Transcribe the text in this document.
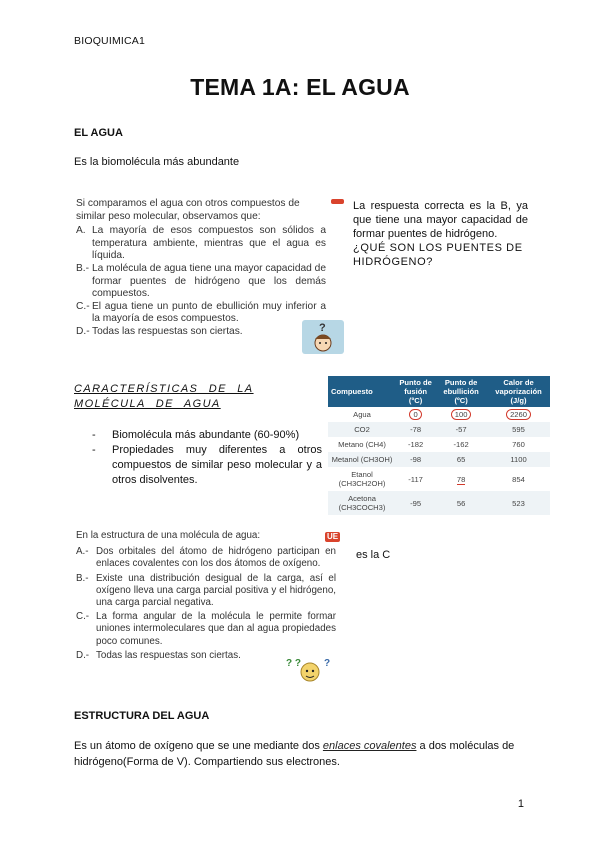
BIOQUIMICA1
TEMA 1A: EL AGUA
EL AGUA
Es la biomolécula más abundante
Si comparamos el agua con otros compuestos de similar peso molecular, observamos que:
A. La mayoría de esos compuestos son sólidos a temperatura ambiente, mientras que el agua es líquida.
B.- La molécula de agua tiene una mayor capacidad de formar puentes de hidrógeno que los demás compuestos.
C.- El agua tiene un punto de ebullición muy inferior a la mayoría de esos compuestos.
D.- Todas las respuestas son ciertas.	?
La respuesta correcta es la B, ya que tiene una mayor capacidad de formar puentes de hidrógeno.
¿QUÉ SON LOS PUENTES DE HIDRÓGENO?
CARACTERÍSTICAS DE LA MOLÉCULA DE AGUA
-	Biomolécula más abundante (60-90%)
-	Propiedades muy diferentes a otros compuestos de similar peso molecular y a otros disolventes.
Compuesto	Punto de fusión (ºC)	Punto de ebullición (ºC)	Calor de vaporización (J/g)
Agua	0	100	2260
CO2	-78	-57	595
Metano (CH4)	-182	-162	760
Metanol (CH3OH)	-98	65	1100
Etanol (CH3CH2OH)	-117	78	854
Acetona (CH3COCH3)	-95	56	523
En la estructura de una molécula de agua:
A.- Dos orbitales del átomo de hidrógeno participan en enlaces covalentes con los dos átomos de oxígeno.
B.- Existe una distribución desigual de la carga, así el oxígeno lleva una carga parcial positiva y el hidrógeno, una carga parcial negativa.
C.- La forma angular de la molécula le permite formar uniones intermoleculares que dan al agua propiedades poco comunes.
D.- Todas las respuestas son ciertas.
UE
? ? ?
es la C
ESTRUCTURA DEL AGUA
Es un átomo de oxígeno que se une mediante dos enlaces covalentes a dos moléculas de hidrógeno(Forma de V). Compartiendo sus electrones.
1
